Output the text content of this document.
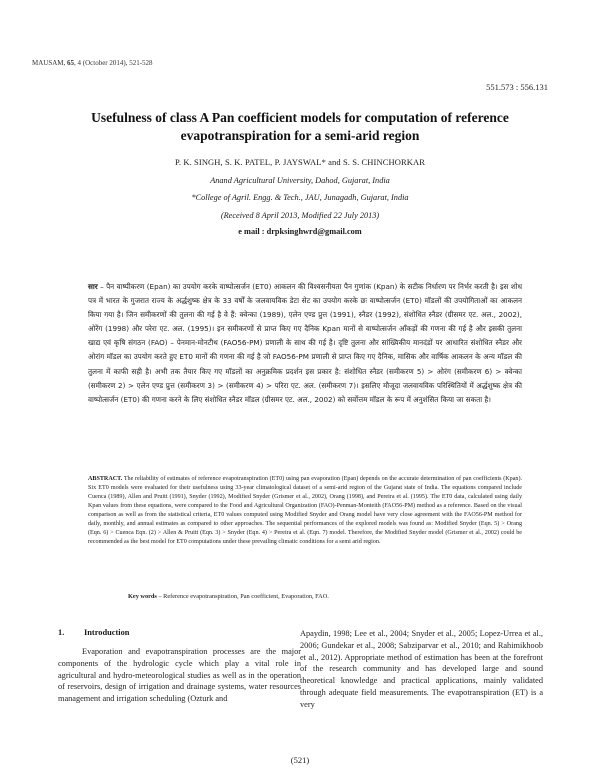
MAUSAM, 65, 4 (October 2014), 521-528
551.573 : 556.131
Usefulness of class A Pan coefficient models for computation of reference evapotranspiration for a semi-arid region
P. K. SINGH, S. K. PATEL, P. JAYSWAL* and S. S. CHINCHORKAR
Anand Agricultural University, Dahod, Gujarat, India
*College of Agril. Engg. & Tech., JAU, Junagadh, Gujarat, India
(Received 8 April 2013, Modified 22 July 2013)
e mail : drpksinghwrd@gmail.com
सार – पैन वाष्पीकरण (Epan) का उपयोग करके वाष्पोत्सर्जन (ET0) आकलन की विश्वसनीयता पैन गुणांक (Kpan) के सटीक निर्धारण पर निर्भर करती है। इस शोध पत्र में भारत के गुजरात राज्य के अर्द्धशुष्क क्षेत्र के 33 वर्षों के जलवायविक डेटा सेट का उपयोग करके छः वाष्पोत्सर्जन (ET0) मॉडलों की उपयोगिताओं का आकलन किया गया है। जिन समीकरणों की तुलना की गई है वे हैं: क्वेन्का (1989), एलेन एण्ड प्रुत्त (1991), स्नैडर (1992), संशोधित स्नैडर (ग्रीसमर एट. अल., 2002), ओरेंग (1998) और परेरा एट. अल. (1995)। इन समीकरणों से प्राप्त किए गए दैनिक Kpan मानों से वाष्पोत्सर्जन आँकड़ों की गणना की गई है और इसकी तुलना खाद्य एवं कृषि संगठन (FAO) – पेनमान-मोनटीथ (FAO56-PM) प्रणाली के साथ की गई है। दृष्टि तुलना और सांख्यिकीय मानदंडों पर आधारित संशोधित स्नैडर और ओरांग मॉडल का उपयोग करते हुए ET0 मानों की गणना की गई है जो FAO56-PM प्रणाली से प्राप्त किए गए दैनिक, मासिक और वार्षिक आकलन के अन्य मॉडल की तुलना में काफी सही है। अभी तक तैयार किए गए मॉडलों का अनुक्रमिक प्रदर्शन इस प्रकार है: संशोधित स्नैडर (समीकरण 5) > ओरंग (समीकरण 6) > क्वेन्का (समीकरण 2) > एलेन एण्ड प्रुत्त (समीकरण 3) > (समीकरण 4) > परिरा एट. अल. (समीकरण 7)। इसलिए मौजूदा जलवायविक परिस्थितियों में अर्द्धशुष्क क्षेत्र की वाष्पोत्सर्जन (ET0) की गणना करने के लिए संशोधित स्नैडर मॉडल (ग्रीसमर एट. अल., 2002) को सर्वोत्तम मॉडल के रूप में अनुशंसित किया जा सकता है।
ABSTRACT. The reliability of estimates of reference evapotranspiration (ET0) using pan evaporation (Epan) depends on the accurate determination of pan coefficients (Kpan). Six ET0 models were evaluated for their usefulness using 33-year climatological dataset of a semi-arid region of the Gujarat state of India. The equations compared include Cuenca (1989), Allen and Pruitt (1991), Snyder (1992), Modified Snyder (Grismer et al., 2002), Orang (1998), and Pereira et al. (1995). The ET0 data, calculated using daily Kpan values from these equations, were compared to the Food and Agricultural Organization (FAO)-Penman-Monteith (FAO56-PM) method as a reference. Based on the visual comparison as well as from the statistical criteria, ET0 values computed using Modified Snyder and Orang model have very close agreement with the FAO56-PM method for daily, monthly, and annual estimates as compared to other approaches. The sequential performances of the explored models was found as: Modified Snyder (Eqn. 5) > Orang (Eqn. 6) > Cuenca Eqn. (2) > Allen & Pruitt (Eqn. 3) > Snyder (Eqn. 4) > Pereira et al. (Eqn. 7) model. Therefore, the Modified Snyder model (Grismer et al., 2002) could be recommended as the best model for ET0 computations under these prevailing climatic conditions for a semi arid region.
Key words – Reference evapotranspiration, Pan coefficient, Evaporation, FAO.
1. Introduction
Evaporation and evapotranspiration processes are the major components of the hydrologic cycle which play a vital role in agricultural and hydro-meteorological studies as well as in the operation of reservoirs, design of irrigation and drainage systems, water resources management and irrigation scheduling (Ozturk and
Apaydin, 1998; Lee et al., 2004; Snyder et al., 2005; Lopez-Urrea et al., 2006; Gundekar et al., 2008; Sabziparvar et al., 2010; and Rahimikhoob et al., 2012). Appropriate method of estimation has been at the forefront of the research community and has developed large and sound theoretical knowledge and practical applications, mainly validated through adequate field measurements. The evapotranspiration (ET) is a very
(521)
